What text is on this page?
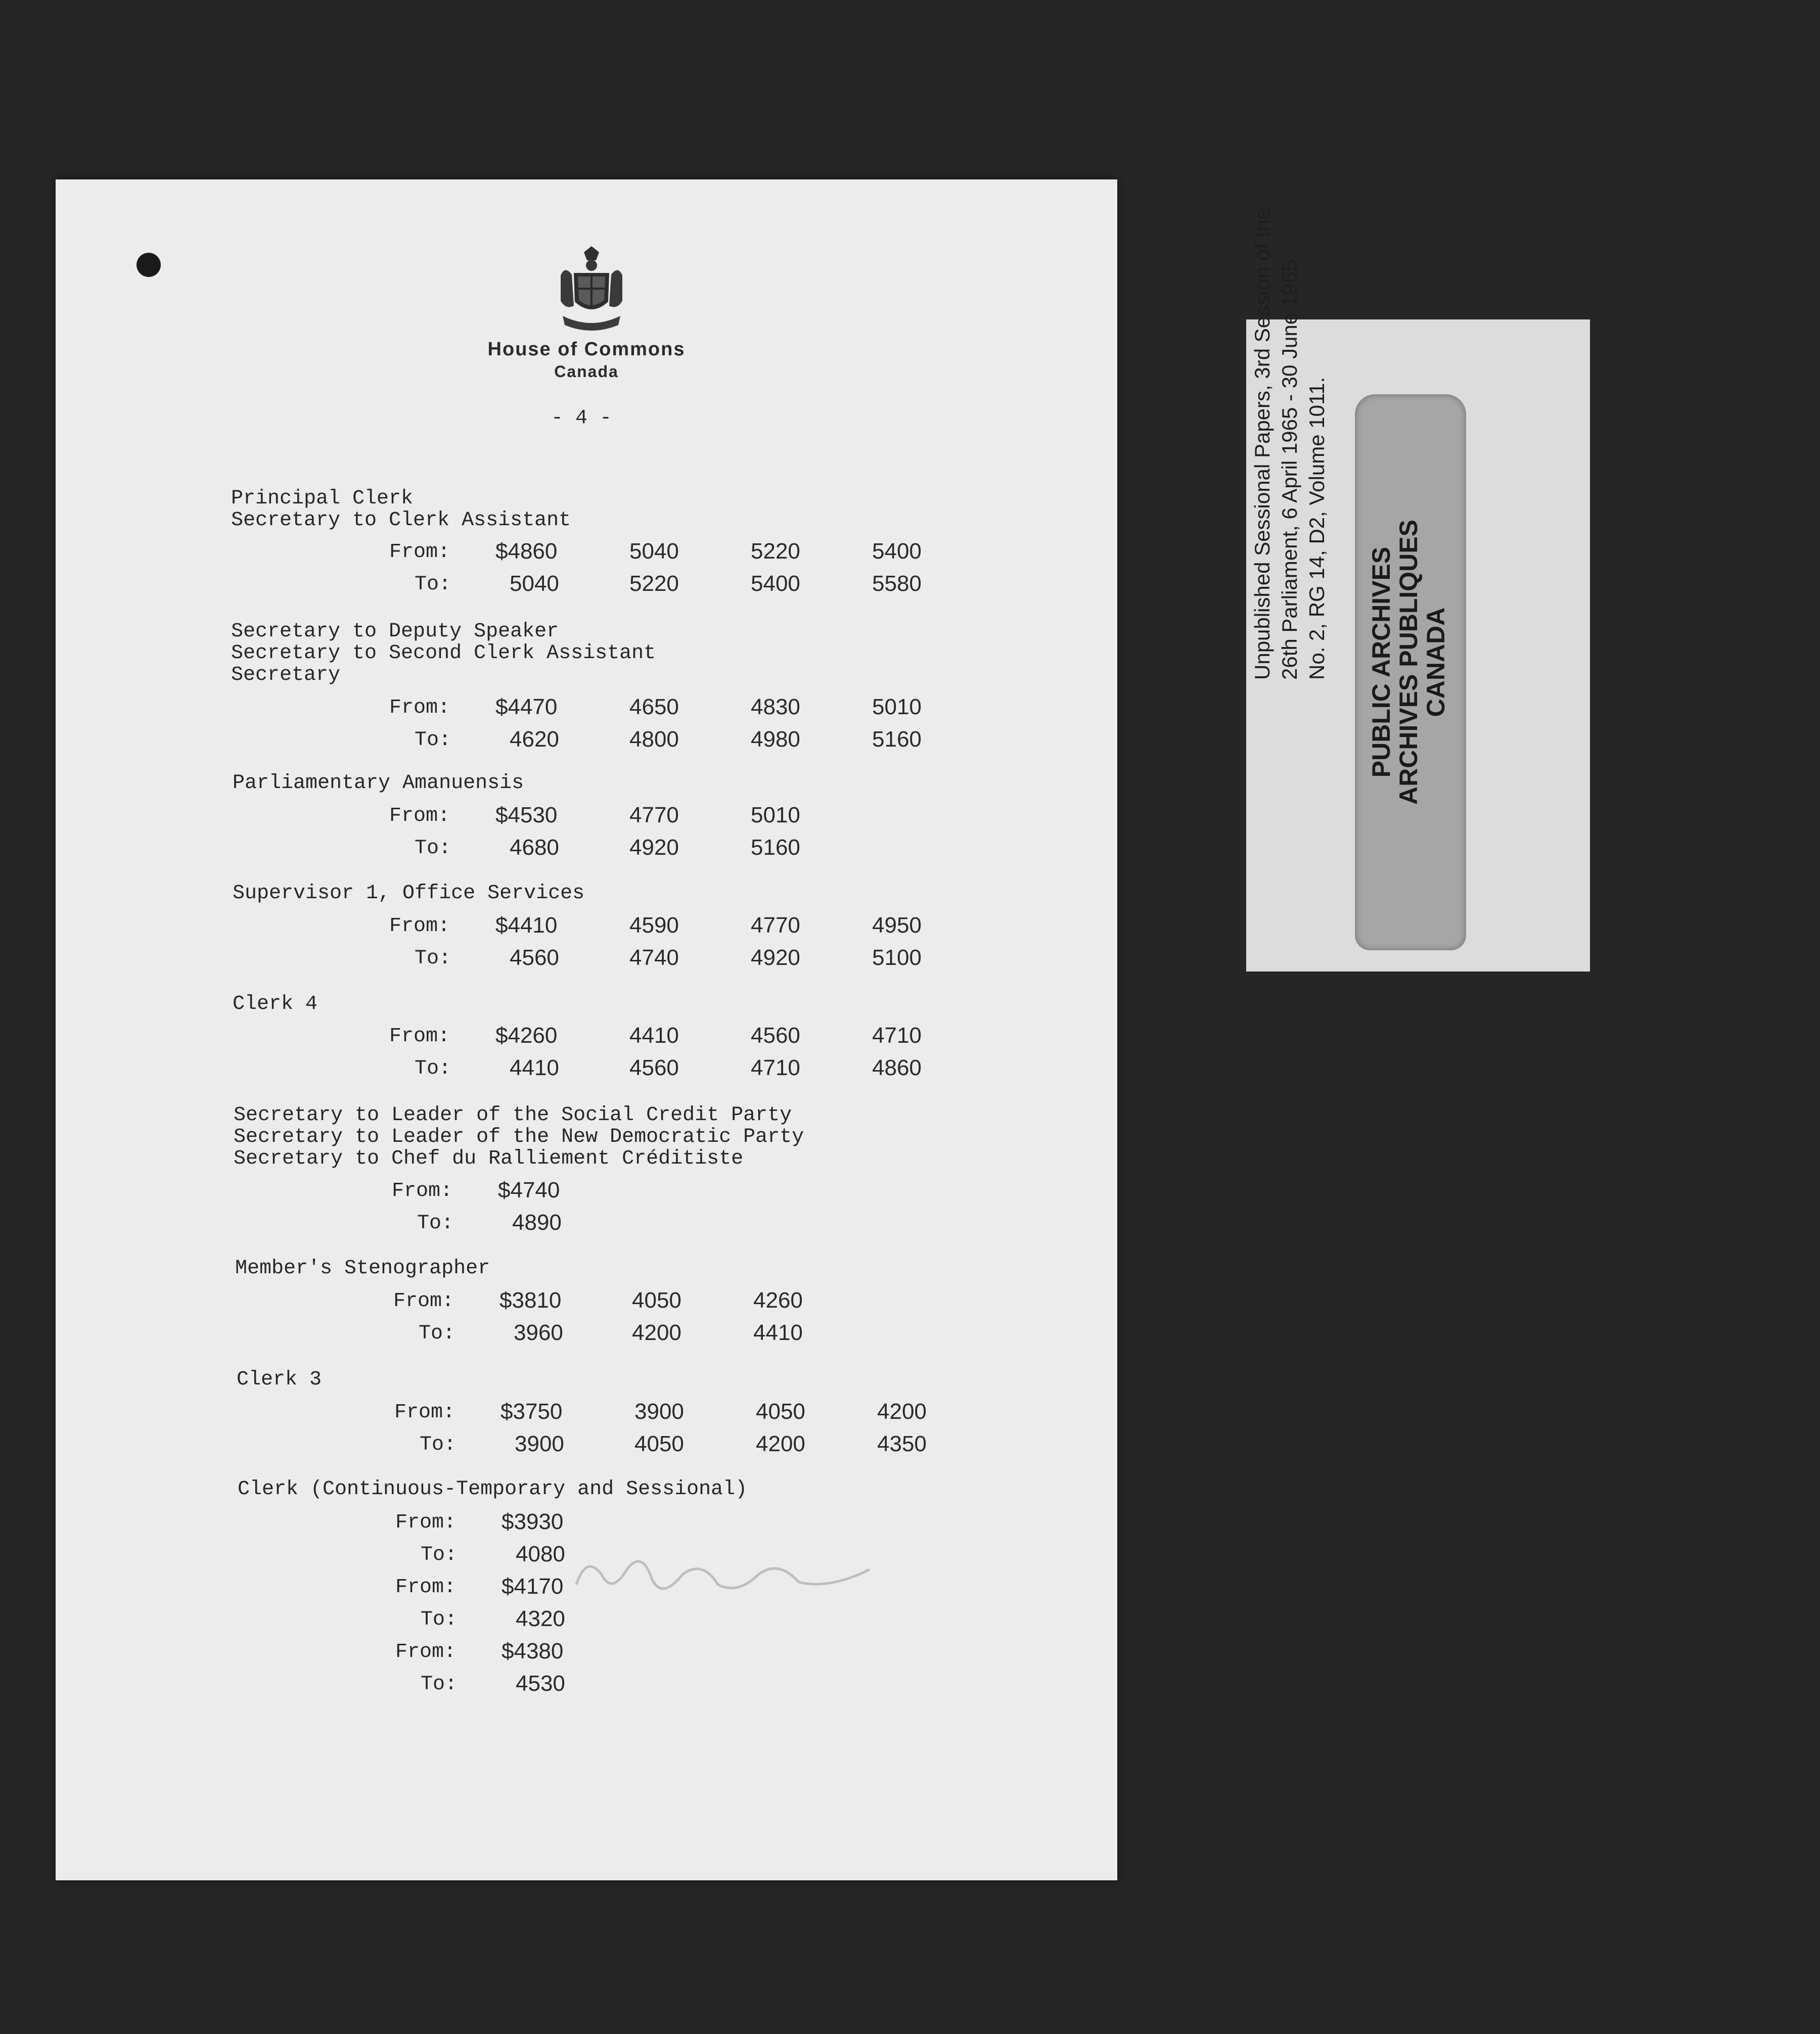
House of Commons
Canada
- 4 -
Principal Clerk
Secretary to Clerk Assistant
From: $4860	5040	5220	5400
To:	5040	5220	5400	5580
Secretary to Deputy Speaker
Secretary to Second Clerk Assistant
Secretary
From: $4470	4650	4830	5010
To:	4620	4800	4980	5160
Parliamentary Amanuensis
From: $4530	4770	5010
To:	4680	4920	5160
Supervisor 1, Office Services
From: $4410	4590	4770	4950
To:	4560	4740	4920	5100
Clerk 4
From: $4260	4410	4560	4710
To:	4410	4560	4710	4860
Secretary to Leader of the Social Credit Party
Secretary to Leader of the New Democratic Party
Secretary to Chef du Ralliement Créditiste
From: $4740
To:	4890
Member's Stenographer
From: $3810	4050	4260
To:	3960	4200	4410
Clerk 3
From: $3750	3900	4050	4200
To:	3900	4050	4200	4350
Clerk (Continuous-Temporary and Sessional)
From: $3930
To:	4080
From: $4170
To:	4320
From: $4380
To:	4530
Unpublished Sessional Papers, 3rd Session of the 26th Parliament, 6 April 1965 - 30 June 1965. No. 2, RG 14, D2, Volume 1011. PUBLIC ARCHIVES
ARCHIVES PUBLIQUES
CANADA
